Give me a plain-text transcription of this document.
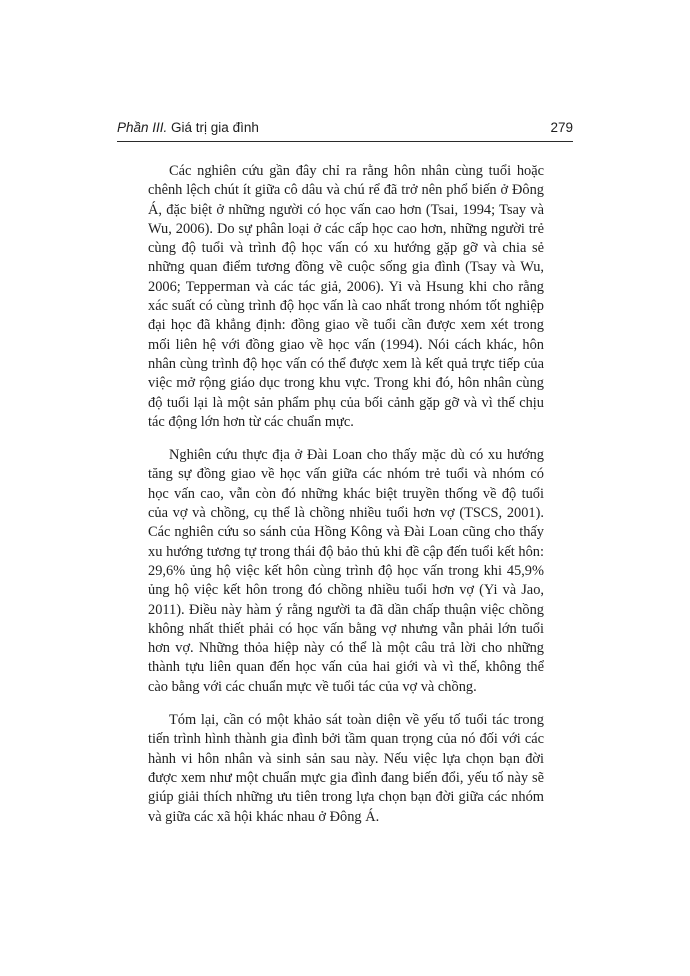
Phần III. Giá trị gia đình	279

Các nghiên cứu gần đây chỉ ra rằng hôn nhân cùng tuổi hoặc chênh lệch chút ít giữa cô dâu và chú rể đã trở nên phổ biến ở Đông Á, đặc biệt ở những người có học vấn cao hơn (Tsai, 1994; Tsay và Wu, 2006). Do sự phân loại ở các cấp học cao hơn, những người trẻ cùng độ tuổi và trình độ học vấn có xu hướng gặp gỡ và chia sẻ những quan điểm tương đồng về cuộc sống gia đình (Tsay và Wu, 2006; Tepperman và các tác giả, 2006). Yi và Hsung khi cho rằng xác suất có cùng trình độ học vấn là cao nhất trong nhóm tốt nghiệp đại học đã khẳng định: đồng giao về tuổi cần được xem xét trong mối liên hệ với đồng giao về học vấn (1994). Nói cách khác, hôn nhân cùng trình độ học vấn có thể được xem là kết quả trực tiếp của việc mở rộng giáo dục trong khu vực. Trong khi đó, hôn nhân cùng độ tuổi lại là một sản phẩm phụ của bối cảnh gặp gỡ và vì thế chịu tác động lớn hơn từ các chuẩn mực.

Nghiên cứu thực địa ở Đài Loan cho thấy mặc dù có xu hướng tăng sự đồng giao về học vấn giữa các nhóm trẻ tuổi và nhóm có học vấn cao, vẫn còn đó những khác biệt truyền thống về độ tuổi của vợ và chồng, cụ thể là chồng nhiều tuổi hơn vợ (TSCS, 2001). Các nghiên cứu so sánh của Hồng Kông và Đài Loan cũng cho thấy xu hướng tương tự trong thái độ bảo thủ khi đề cập đến tuổi kết hôn: 29,6% ủng hộ việc kết hôn cùng trình độ học vấn trong khi 45,9% ủng hộ việc kết hôn trong đó chồng nhiều tuổi hơn vợ (Yi và Jao, 2011). Điều này hàm ý rằng người ta đã dần chấp thuận việc chồng không nhất thiết phải có học vấn bằng vợ nhưng vẫn phải lớn tuổi hơn vợ. Những thỏa hiệp này có thể là một câu trả lời cho những thành tựu liên quan đến học vấn của hai giới và vì thế, không thể cào bằng với các chuẩn mực về tuổi tác của vợ và chồng.

Tóm lại, cần có một khảo sát toàn diện về yếu tố tuổi tác trong tiến trình hình thành gia đình bởi tầm quan trọng của nó đối với các hành vi hôn nhân và sinh sản sau này. Nếu việc lựa chọn bạn đời được xem như một chuẩn mực gia đình đang biến đổi, yếu tố này sẽ giúp giải thích những ưu tiên trong lựa chọn bạn đời giữa các nhóm và giữa các xã hội khác nhau ở Đông Á.
